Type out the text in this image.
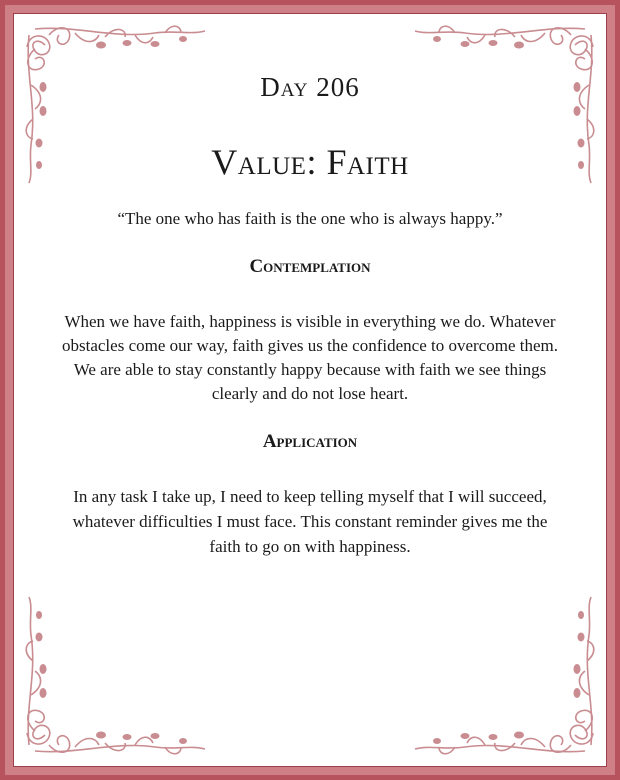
Day 206
Value: Faith
“The one who has faith is the one who is always happy.”
Contemplation
When we have faith, happiness is visible in everything we do. Whatever obstacles come our way, faith gives us the confidence to overcome them. We are able to stay constantly happy because with faith we see things clearly and do not lose heart.
Application
In any task I take up, I need to keep telling myself that I will succeed, whatever difficulties I must face. This constant reminder gives me the faith to go on with happiness.
